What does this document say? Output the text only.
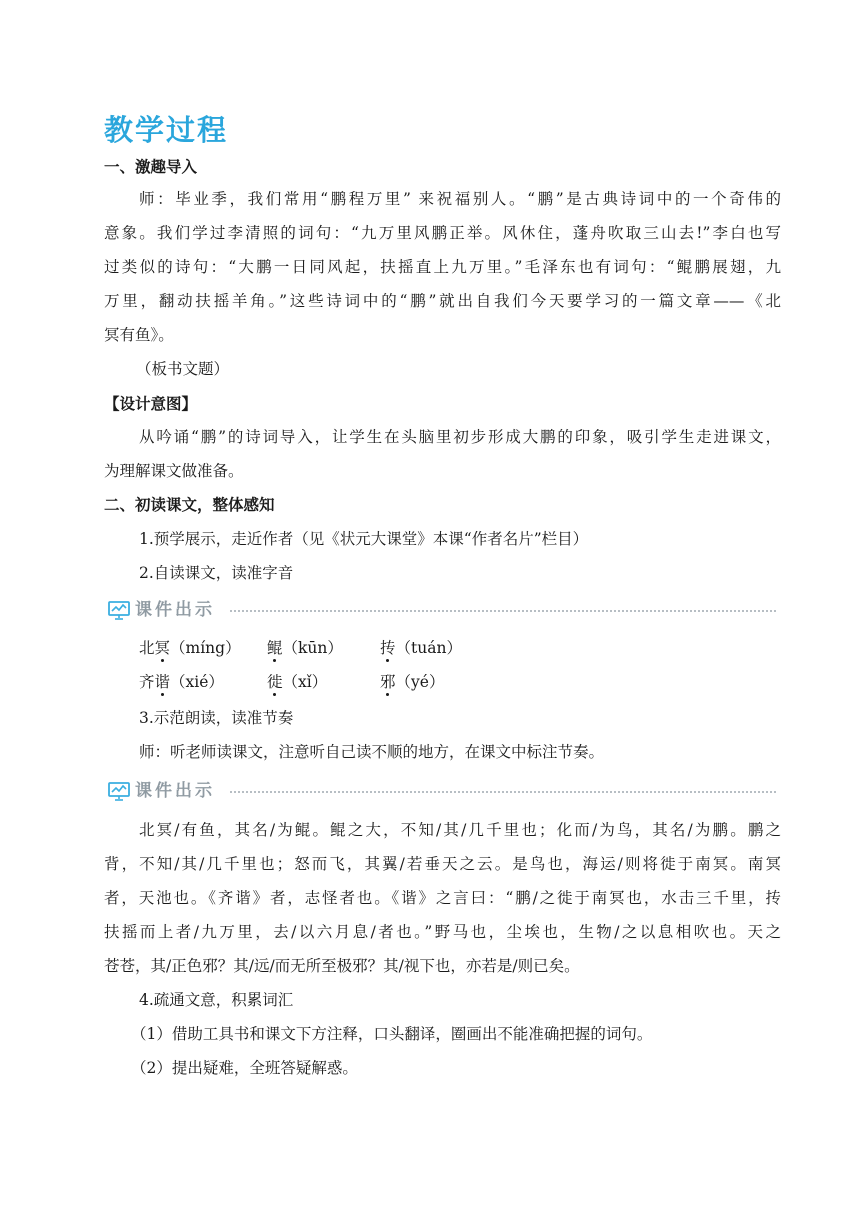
教学过程
一、激趣导入
师：毕业季，我们常用“鹏程万里” 来祝福别人。“鹏”是古典诗词中的一个奇伟的
意象。我们学过李清照的词句：“九万里风鹏正举。风休住，蓬舟吹取三山去!”李白也写
过类似的诗句：“大鹏一日同风起，扶摇直上九万里。”毛泽东也有词句：“鲲鹏展翅，九
万里，翻动扶摇羊角。”这些诗词中的“鹏”就出自我们今天要学习的一篇文章——《北
冥有鱼》。
（板书文题）
【设计意图】
从吟诵“鹏”的诗词导入，让学生在头脑里初步形成大鹏的印象，吸引学生走进课文，
为理解课文做准备。
二、初读课文，整体感知
1.预学展示，走近作者（见《状元大课堂》本课“作者名片”栏目）
2.自读课文，读准字音
课件出示
北冥（míng） 鲲（kūn） 抟（tuán）
齐谐（xié）	徙（xǐ）	邪（yé）
3.示范朗读，读准节奏
师：听老师读课文，注意听自己读不顺的地方，在课文中标注节奏。
课件出示
北冥/有鱼，其名/为鲲。鲲之大，不知/其/几千里也；化而/为鸟，其名/为鹏。鹏之
背，不知/其/几千里也；怒而飞，其翼/若垂天之云。是鸟也，海运/则将徙于南冥。南冥
者，天池也。《齐谐》者，志怪者也。《谐》之言曰：“鹏/之徙于南冥也，水击三千里，抟
扶摇而上者/九万里，去/以六月息/者也。”野马也，尘埃也，生物/之以息相吹也。天之
苍苍，其/正色邪？其/远/而无所至极邪？其/视下也，亦若是/则已矣。
4.疏通文意，积累词汇
（1）借助工具书和课文下方注释，口头翻译，圈画出不能准确把握的词句。
（2）提出疑难，全班答疑解惑。
